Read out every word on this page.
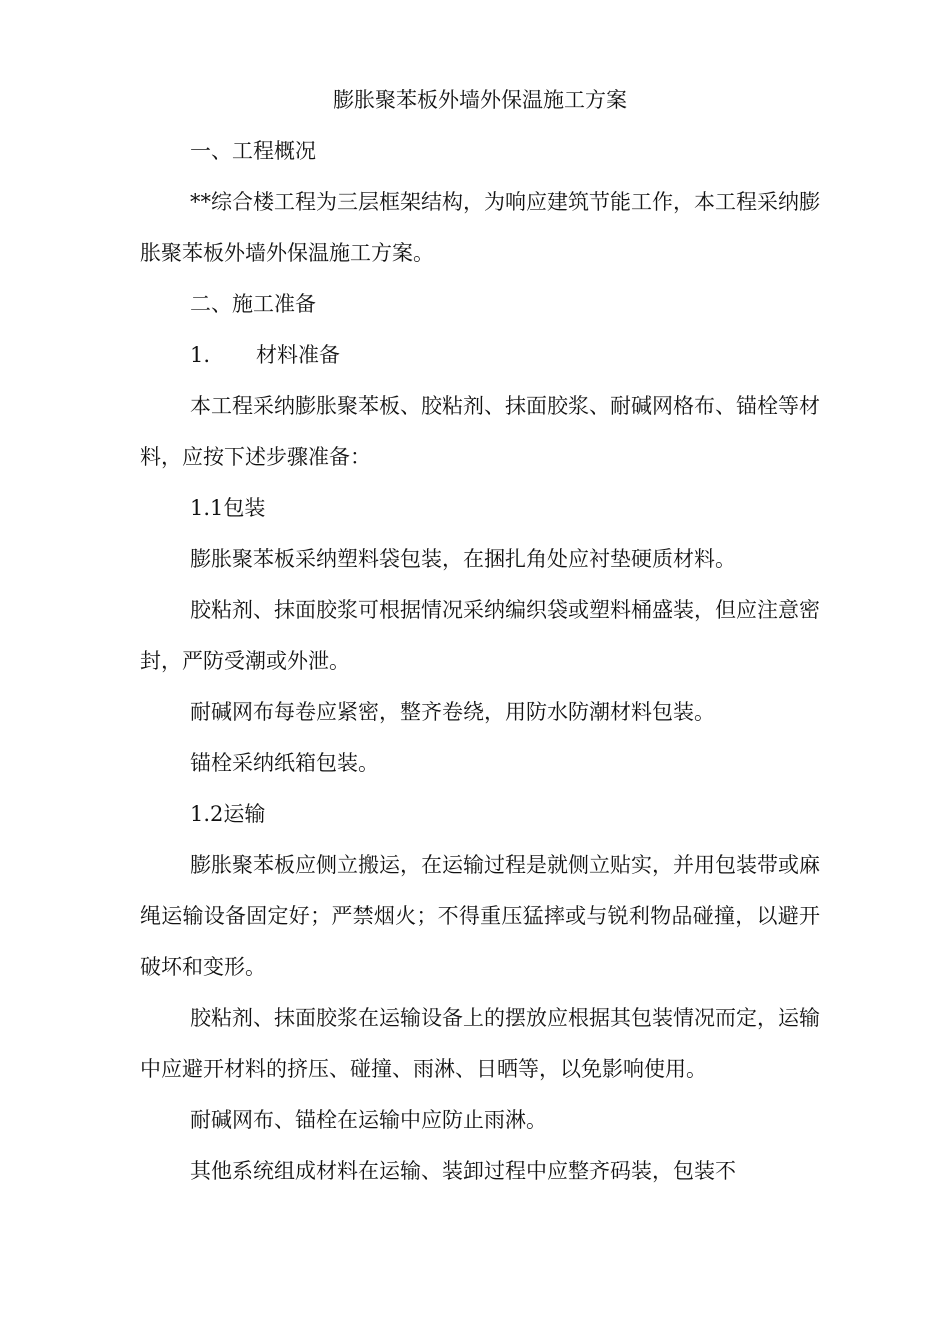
膨胀聚苯板外墙外保温施工方案

一、工程概况

**综合楼工程为三层框架结构，为响应建筑节能工作，本工程采纳膨胀聚苯板外墙外保温施工方案。

二、施工准备

1. 材料准备

本工程采纳膨胀聚苯板、胶粘剂、抹面胶浆、耐碱网格布、锚栓等材料，应按下述步骤准备：

1.1包装

膨胀聚苯板采纳塑料袋包装，在捆扎角处应衬垫硬质材料。

胶粘剂、抹面胶浆可根据情况采纳编织袋或塑料桶盛装，但应注意密封，严防受潮或外泄。

耐碱网布每卷应紧密，整齐卷绕，用防水防潮材料包装。

锚栓采纳纸箱包装。

1.2运输

膨胀聚苯板应侧立搬运，在运输过程是就侧立贴实，并用包装带或麻绳运输设备固定好；严禁烟火；不得重压猛摔或与锐利物品碰撞，以避开破坏和变形。

胶粘剂、抹面胶浆在运输设备上的摆放应根据其包装情况而定，运输中应避开材料的挤压、碰撞、雨淋、日晒等，以免影响使用。

耐碱网布、锚栓在运输中应防止雨淋。

其他系统组成材料在运输、装卸过程中应整齐码装，包装不
